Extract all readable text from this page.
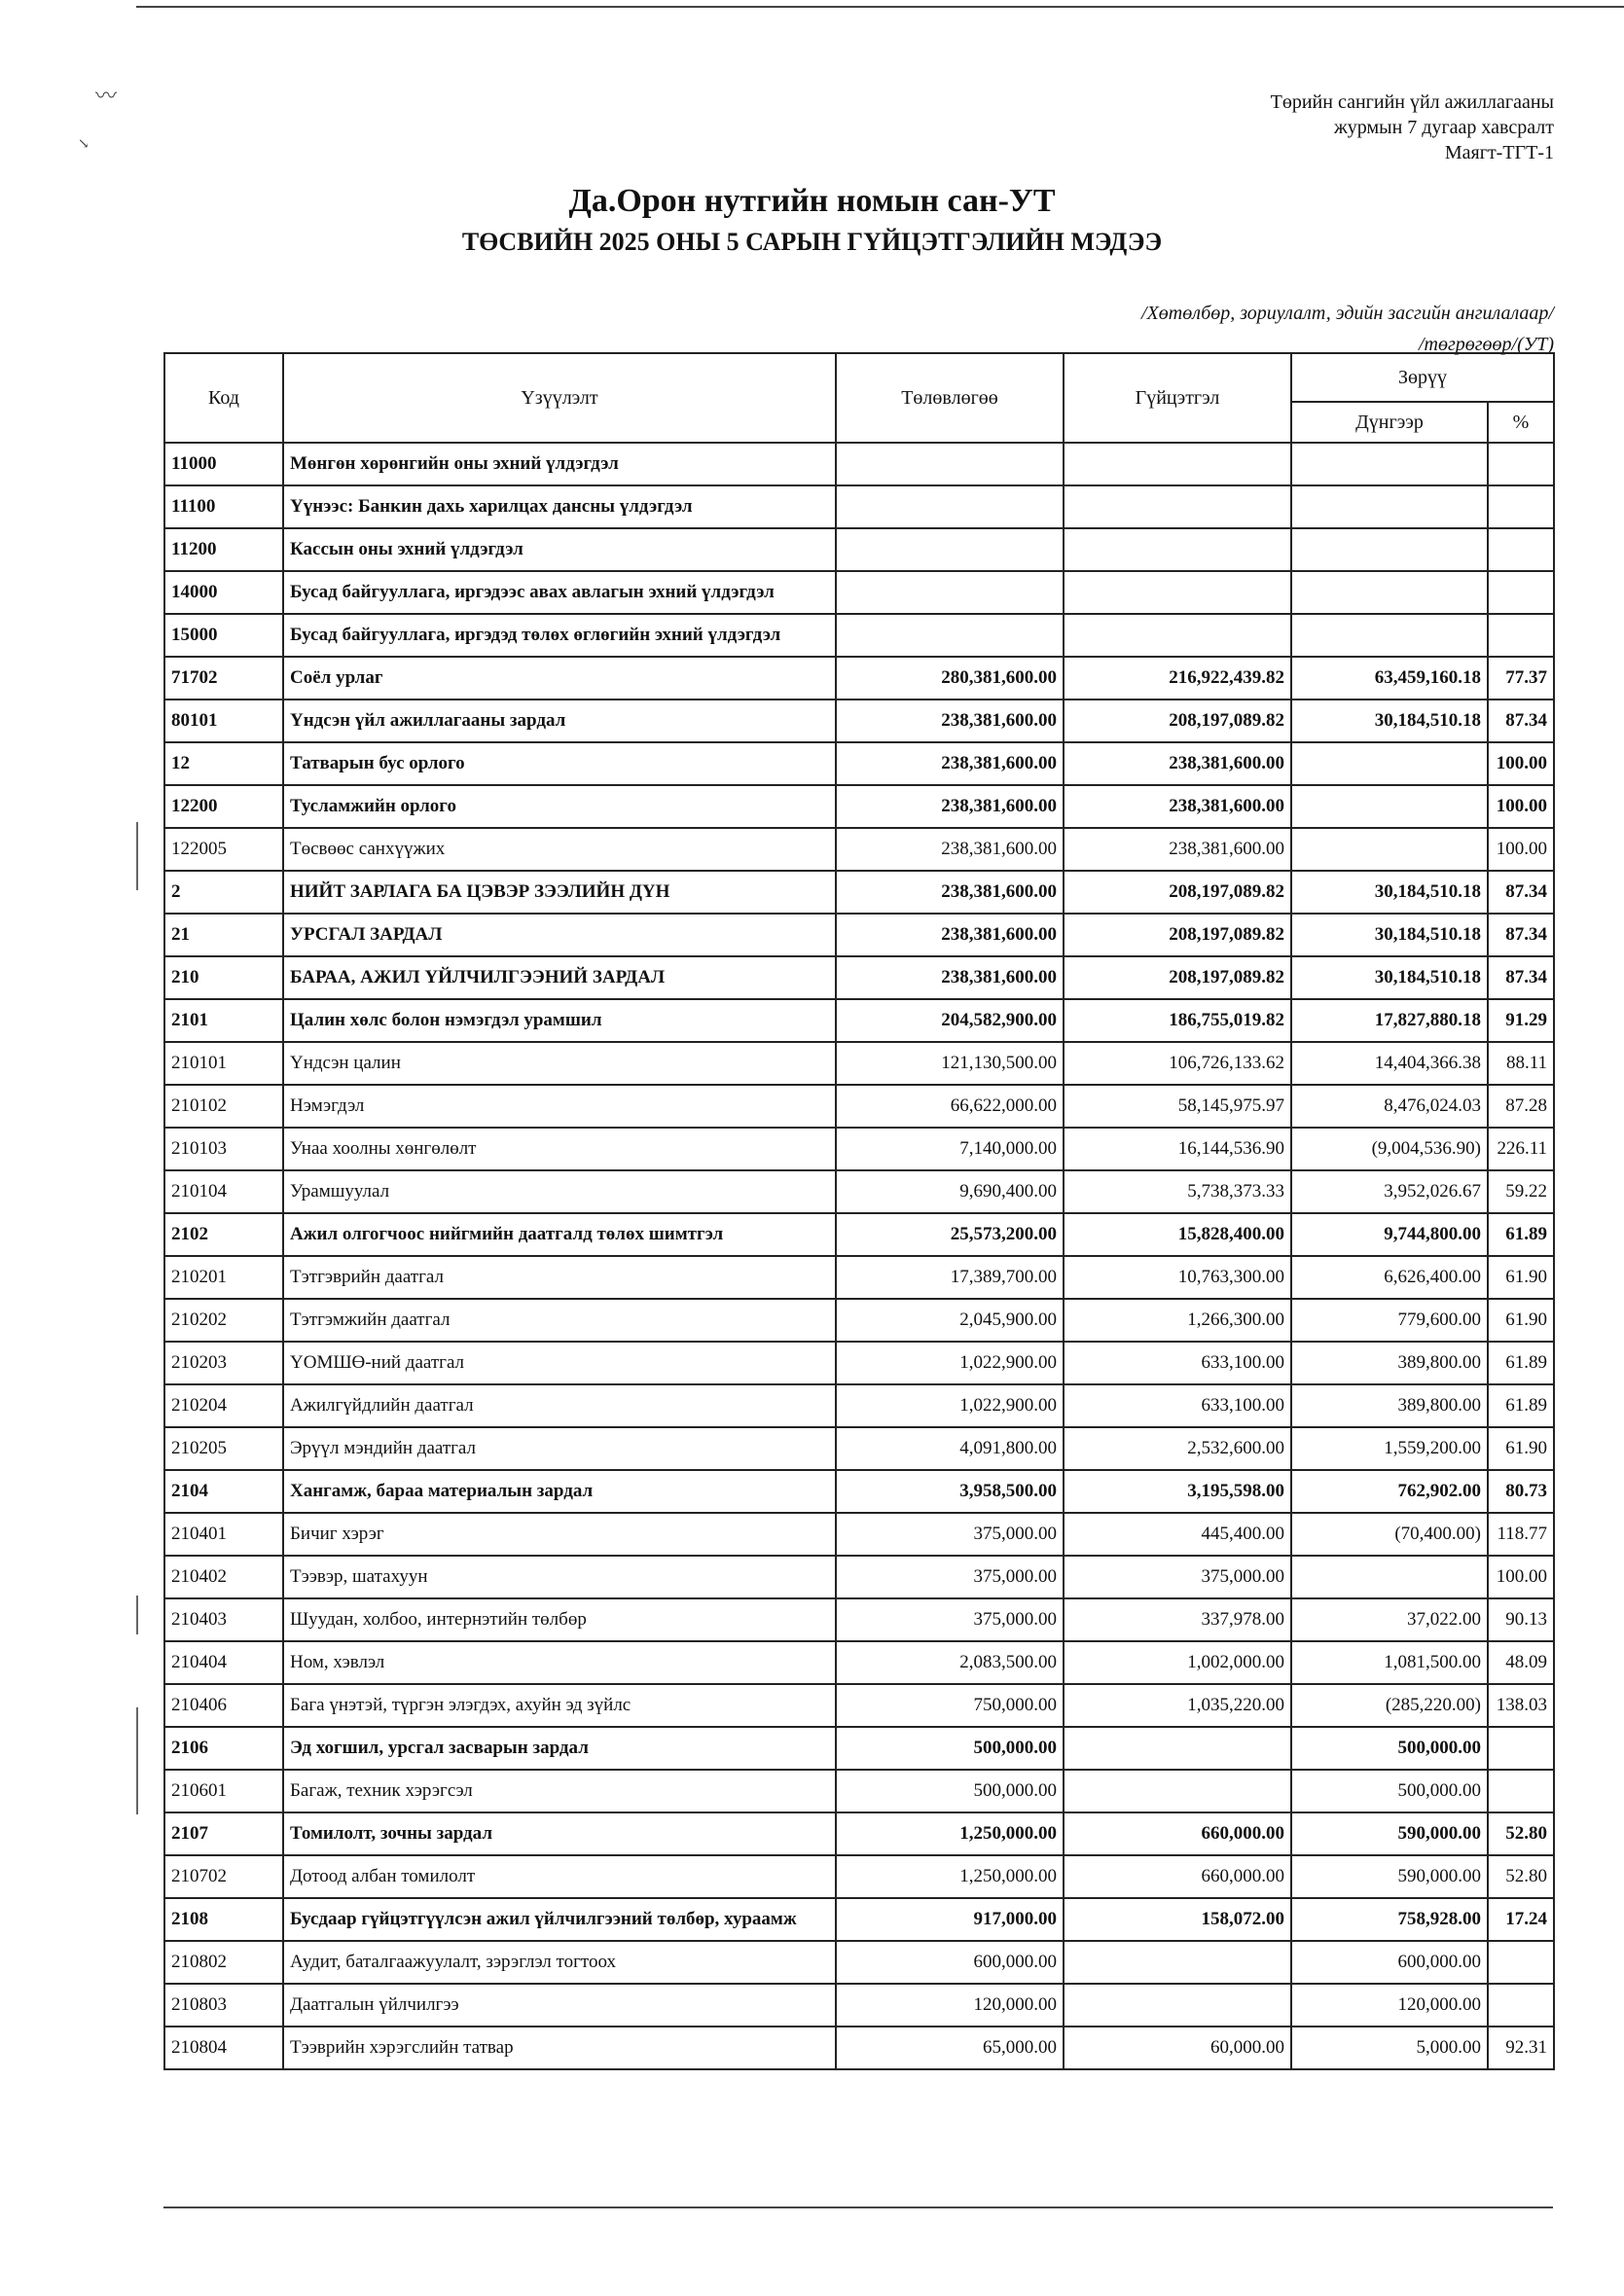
〰
↘
Төрийн сангийн үйл ажиллагааны
журмын 7 дугаар хавсралт
Маягт-ТГТ-1
Да.Орон нутгийн номын сан-УТ
ТӨСВИЙН 2025 ОНЫ 5 САРЫН ГҮЙЦЭТГЭЛИЙН МЭДЭЭ
/Хөтөлбөр, зориулалт, эдийн засгийн ангилалаар/
/төгрөгөөр/(УТ)
Код	Үзүүлэлт	Төлөвлөгөө	Гүйцэтгэл	Зөрүү	
				Дүнгээр	%
11000	Мөнгөн хөрөнгийн оны эхний үлдэгдэл				
11100	Үүнээс: Банкин дахь харилцах дансны үлдэгдэл				
11200	Кассын оны эхний үлдэгдэл				
14000	Бусад байгууллага, иргэдээс авах авлагын эхний үлдэгдэл				
15000	Бусад байгууллага, иргэдэд төлөх өглөгийн эхний үлдэгдэл				
71702	Соёл урлаг	280,381,600.00	216,922,439.82	63,459,160.18	77.37
80101	Үндсэн үйл ажиллагааны зардал	238,381,600.00	208,197,089.82	30,184,510.18	87.34
12	Татварын бус орлого	238,381,600.00	238,381,600.00		100.00
12200	Тусламжийн орлого	238,381,600.00	238,381,600.00		100.00
122005	Төсвөөс санхүүжих	238,381,600.00	238,381,600.00		100.00
2	НИЙТ ЗАРЛАГА БА ЦЭВЭР ЗЭЭЛИЙН ДҮН	238,381,600.00	208,197,089.82	30,184,510.18	87.34
21	УРСГАЛ ЗАРДАЛ	238,381,600.00	208,197,089.82	30,184,510.18	87.34
210	БАРАА, АЖИЛ ҮЙЛЧИЛГЭЭНИЙ ЗАРДАЛ	238,381,600.00	208,197,089.82	30,184,510.18	87.34
2101	Цалин хөлс болон нэмэгдэл урамшил	204,582,900.00	186,755,019.82	17,827,880.18	91.29
210101	Үндсэн цалин	121,130,500.00	106,726,133.62	14,404,366.38	88.11
210102	Нэмэгдэл	66,622,000.00	58,145,975.97	8,476,024.03	87.28
210103	Унаа хоолны хөнгөлөлт	7,140,000.00	16,144,536.90	(9,004,536.90)	226.11
210104	Урамшуулал	9,690,400.00	5,738,373.33	3,952,026.67	59.22
2102	Ажил олгогчоос нийгмийн даатгалд төлөх шимтгэл	25,573,200.00	15,828,400.00	9,744,800.00	61.89
210201	Тэтгэврийн даатгал	17,389,700.00	10,763,300.00	6,626,400.00	61.90
210202	Тэтгэмжийн даатгал	2,045,900.00	1,266,300.00	779,600.00	61.90
210203	ҮОМШӨ-ний даатгал	1,022,900.00	633,100.00	389,800.00	61.89
210204	Ажилгүйдлийн даатгал	1,022,900.00	633,100.00	389,800.00	61.89
210205	Эрүүл мэндийн даатгал	4,091,800.00	2,532,600.00	1,559,200.00	61.90
2104	Хангамж, бараа материалын зардал	3,958,500.00	3,195,598.00	762,902.00	80.73
210401	Бичиг хэрэг	375,000.00	445,400.00	(70,400.00)	118.77
210402	Тээвэр, шатахуун	375,000.00	375,000.00		100.00
210403	Шуудан, холбоо, интернэтийн төлбөр	375,000.00	337,978.00	37,022.00	90.13
210404	Ном, хэвлэл	2,083,500.00	1,002,000.00	1,081,500.00	48.09
210406	Бага үнэтэй, түргэн элэгдэх, ахуйн эд зүйлс	750,000.00	1,035,220.00	(285,220.00)	138.03
2106	Эд хогшил, урсгал засварын зардал	500,000.00		500,000.00	
210601	Багаж, техник хэрэгсэл	500,000.00		500,000.00	
2107	Томилолт, зочны зардал	1,250,000.00	660,000.00	590,000.00	52.80
210702	Дотоод албан томилолт	1,250,000.00	660,000.00	590,000.00	52.80
2108	Бусдаар гүйцэтгүүлсэн ажил үйлчилгээний төлбөр, хураамж	917,000.00	158,072.00	758,928.00	17.24
210802	Аудит, баталгаажуулалт, зэрэглэл тогтоох	600,000.00		600,000.00	
210803	Даатгалын үйлчилгээ	120,000.00		120,000.00	
210804	Тээврийн хэрэгслийн татвар	65,000.00	60,000.00	5,000.00	92.31
